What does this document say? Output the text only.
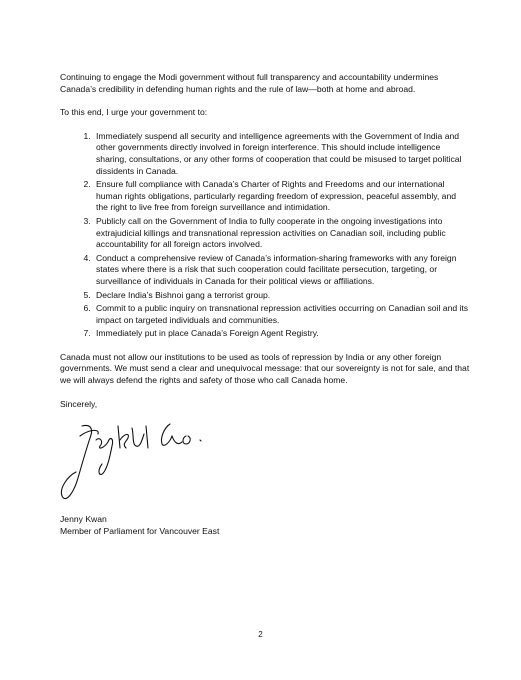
Continuing to engage the Modi government without full transparency and accountability undermines Canada’s credibility in defending human rights and the rule of law—both at home and abroad.

To this end, I urge your government to:

1. Immediately suspend all security and intelligence agreements with the Government of India and other governments directly involved in foreign interference. This should include intelligence sharing, consultations, or any other forms of cooperation that could be misused to target political dissidents in Canada.
2. Ensure full compliance with Canada’s Charter of Rights and Freedoms and our international human rights obligations, particularly regarding freedom of expression, peaceful assembly, and the right to live free from foreign surveillance and intimidation.
3. Publicly call on the Government of India to fully cooperate in the ongoing investigations into extrajudicial killings and transnational repression activities on Canadian soil, including public accountability for all foreign actors involved.
4. Conduct a comprehensive review of Canada’s information-sharing frameworks with any foreign states where there is a risk that such cooperation could facilitate persecution, targeting, or surveillance of individuals in Canada for their political views or affiliations.
5. Declare India’s Bishnoi gang a terrorist group.
6. Commit to a public inquiry on transnational repression activities occurring on Canadian soil and its impact on targeted individuals and communities.
7. Immediately put in place Canada’s Foreign Agent Registry.

Canada must not allow our institutions to be used as tools of repression by India or any other foreign governments. We must send a clear and unequivocal message: that our sovereignty is not for sale, and that we will always defend the rights and safety of those who call Canada home.

Sincerely,

Jenny Kwan

Member of Parliament for Vancouver East

2
